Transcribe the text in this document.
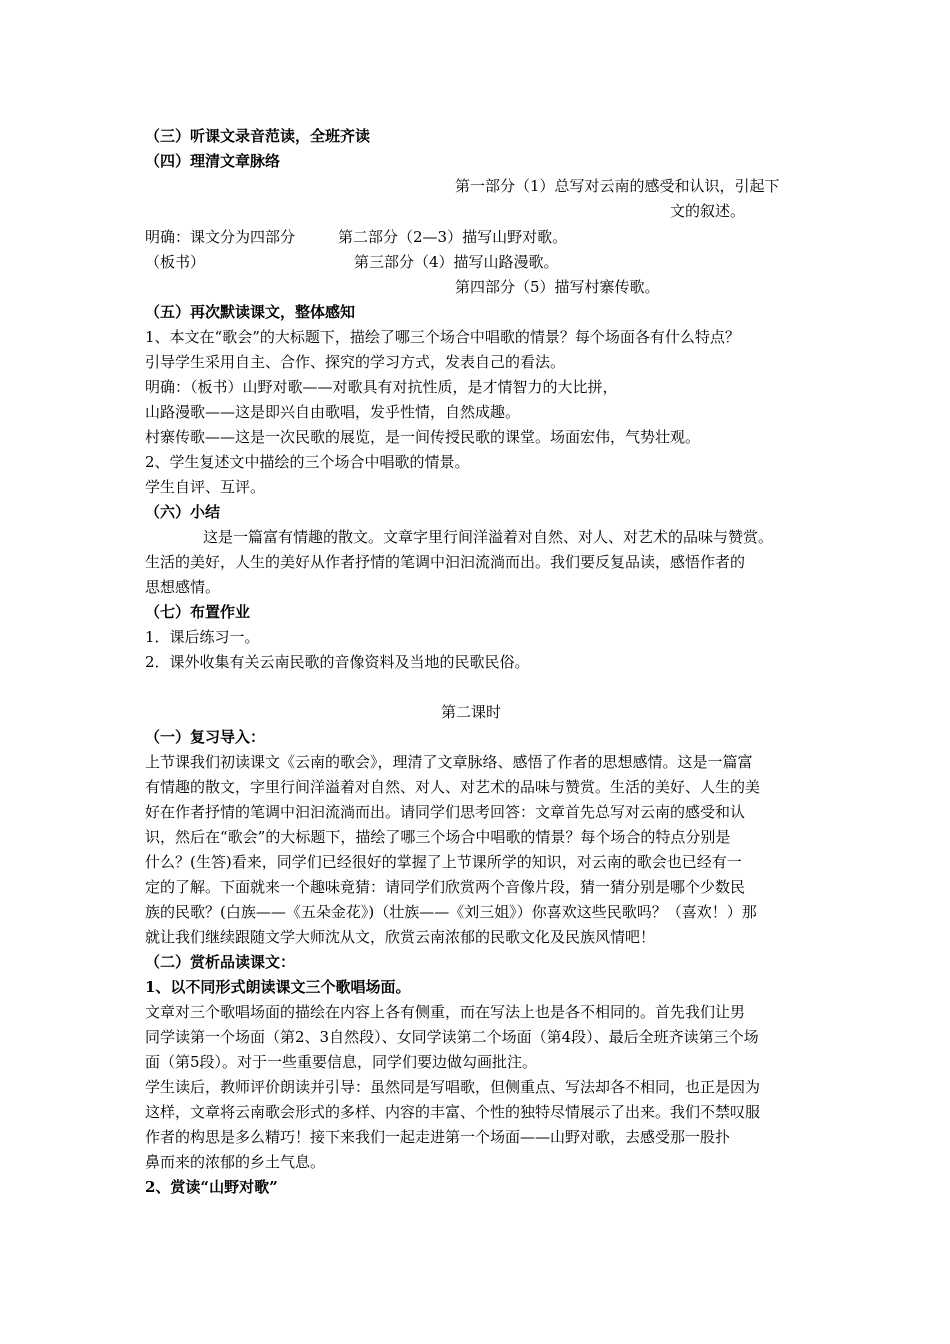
（三）听课文录音范读，全班齐读
（四）理清文章脉络
第一部分（1）总写对云南的感受和认识，引起下
文的叙述。
明确：课文分为四部分	第二部分（2—3）描写山野对歌。
（板书）	第三部分（4）描写山路漫歌。
第四部分（5）描写村寨传歌。
（五）再次默读课文，整体感知
1、本文在“歌会”的大标题下，描绘了哪三个场合中唱歌的情景？每个场面各有什么特点？
引导学生采用自主、合作、探究的学习方式，发表自己的看法。
明确：（板书）山野对歌——对歌具有对抗性质，是才情智力的大比拼，
山路漫歌——这是即兴自由歌唱，发乎性情，自然成趣。
村寨传歌——这是一次民歌的展览，是一间传授民歌的课堂。场面宏伟，气势壮观。
2、学生复述文中描绘的三个场合中唱歌的情景。
学生自评、互评。
（六）小结
这是一篇富有情趣的散文。文章字里行间洋溢着对自然、对人、对艺术的品味与赞赏。
生活的美好，人生的美好从作者抒情的笔调中汩汩流淌而出。我们要反复品读，感悟作者的
思想感情。
（七）布置作业
1．课后练习一。
2．课外收集有关云南民歌的音像资料及当地的民歌民俗。
第二课时
（一）复习导入：
上节课我们初读课文《云南的歌会》，理清了文章脉络、感悟了作者的思想感情。这是一篇富
有情趣的散文，字里行间洋溢着对自然、对人、对艺术的品味与赞赏。生活的美好、人生的美
好在作者抒情的笔调中汩汩流淌而出。请同学们思考回答：文章首先总写对云南的感受和认
识，然后在“歌会”的大标题下，描绘了哪三个场合中唱歌的情景？每个场合的特点分别是
什么？(生答)看来，同学们已经很好的掌握了上节课所学的知识，对云南的歌会也已经有一
定的了解。下面就来一个趣味竟猜：请同学们欣赏两个音像片段，猜一猜分别是哪个少数民
族的民歌？(白族——《五朵金花》)（壮族——《刘三姐》）你喜欢这些民歌吗？（喜欢！）那
就让我们继续跟随文学大师沈从文，欣赏云南浓郁的民歌文化及民族风情吧！
（二）赏析品读课文：
1、以不同形式朗读课文三个歌唱场面。
文章对三个歌唱场面的描绘在内容上各有侧重，而在写法上也是各不相同的。首先我们让男
同学读第一个场面（第2、3自然段）、女同学读第二个场面（第4段）、最后全班齐读第三个场
面（第5段）。对于一些重要信息，同学们要边做勾画批注。
学生读后，教师评价朗读并引导：虽然同是写唱歌，但侧重点、写法却各不相同，也正是因为
这样，文章将云南歌会形式的多样、内容的丰富、个性的独特尽情展示了出来。我们不禁叹服
作者的构思是多么精巧！接下来我们一起走进第一个场面——山野对歌，去感受那一股扑
鼻而来的浓郁的乡土气息。
2、赏读“山野对歌”
